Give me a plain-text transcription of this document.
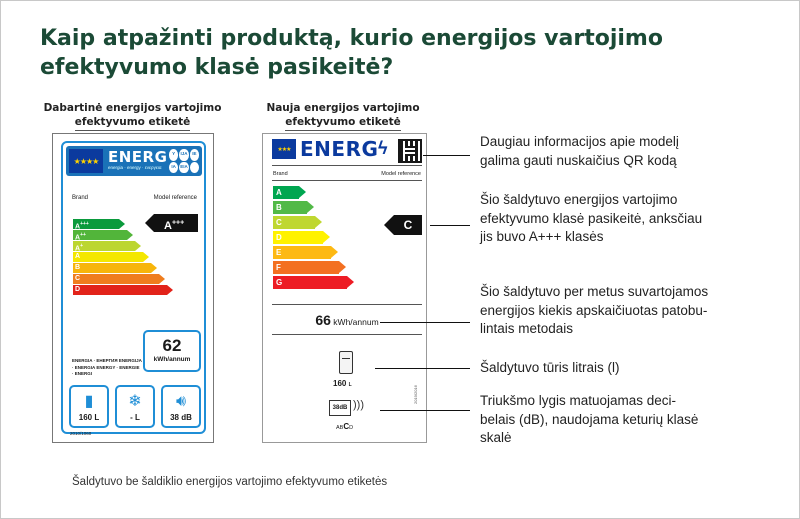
Kaip atpažinti produktą, kurio energijos vartojimo efektyvumo klasė pasikeitė?
Dabartinė energijos vartojimo
efektyvumo etiketė
★★★★ ENERG
energia · energy · ενεργεια
Y	IJA	IE
IA ΕΙΑ
Brand	Model reference
A+++
A++
A+
A
B
C
D
A+++
ENERGIA · ЕНЕРГИЯ ENERGIJA · ENERGIA ENERGY · ENERGIE · ENERGI
62
kWh/annum
▮
160 L
❄
- L
🔊︎
38 dB
2010/1060
Nauja energijos vartojimo
efektyvumo etiketė
★★★ ENERG ϟ
Brand	Model reference
A
B
C
D
E
F
G
C
66 kWh/annum
160 L
38dB )))
ABCD
2019/2016
Daugiau informacijos apie modelį
galima gauti nuskaičius QR kodą
Šio šaldytuvo energijos vartojimo
efektyvumo klasė pasikeitė, anksčiau
jis buvo A+++ klasės
Šio šaldytuvo per metus suvartojamos
energijos kiekis apskaičiuotas patobu-
lintais metodais
Šaldytuvo tūris litrais (l)
Triukšmo lygis matuojamas deci-
belais (dB), naudojama keturių klasė
skalė
Šaldytuvo be šaldiklio energijos vartojimo efektyvumo etiketės
